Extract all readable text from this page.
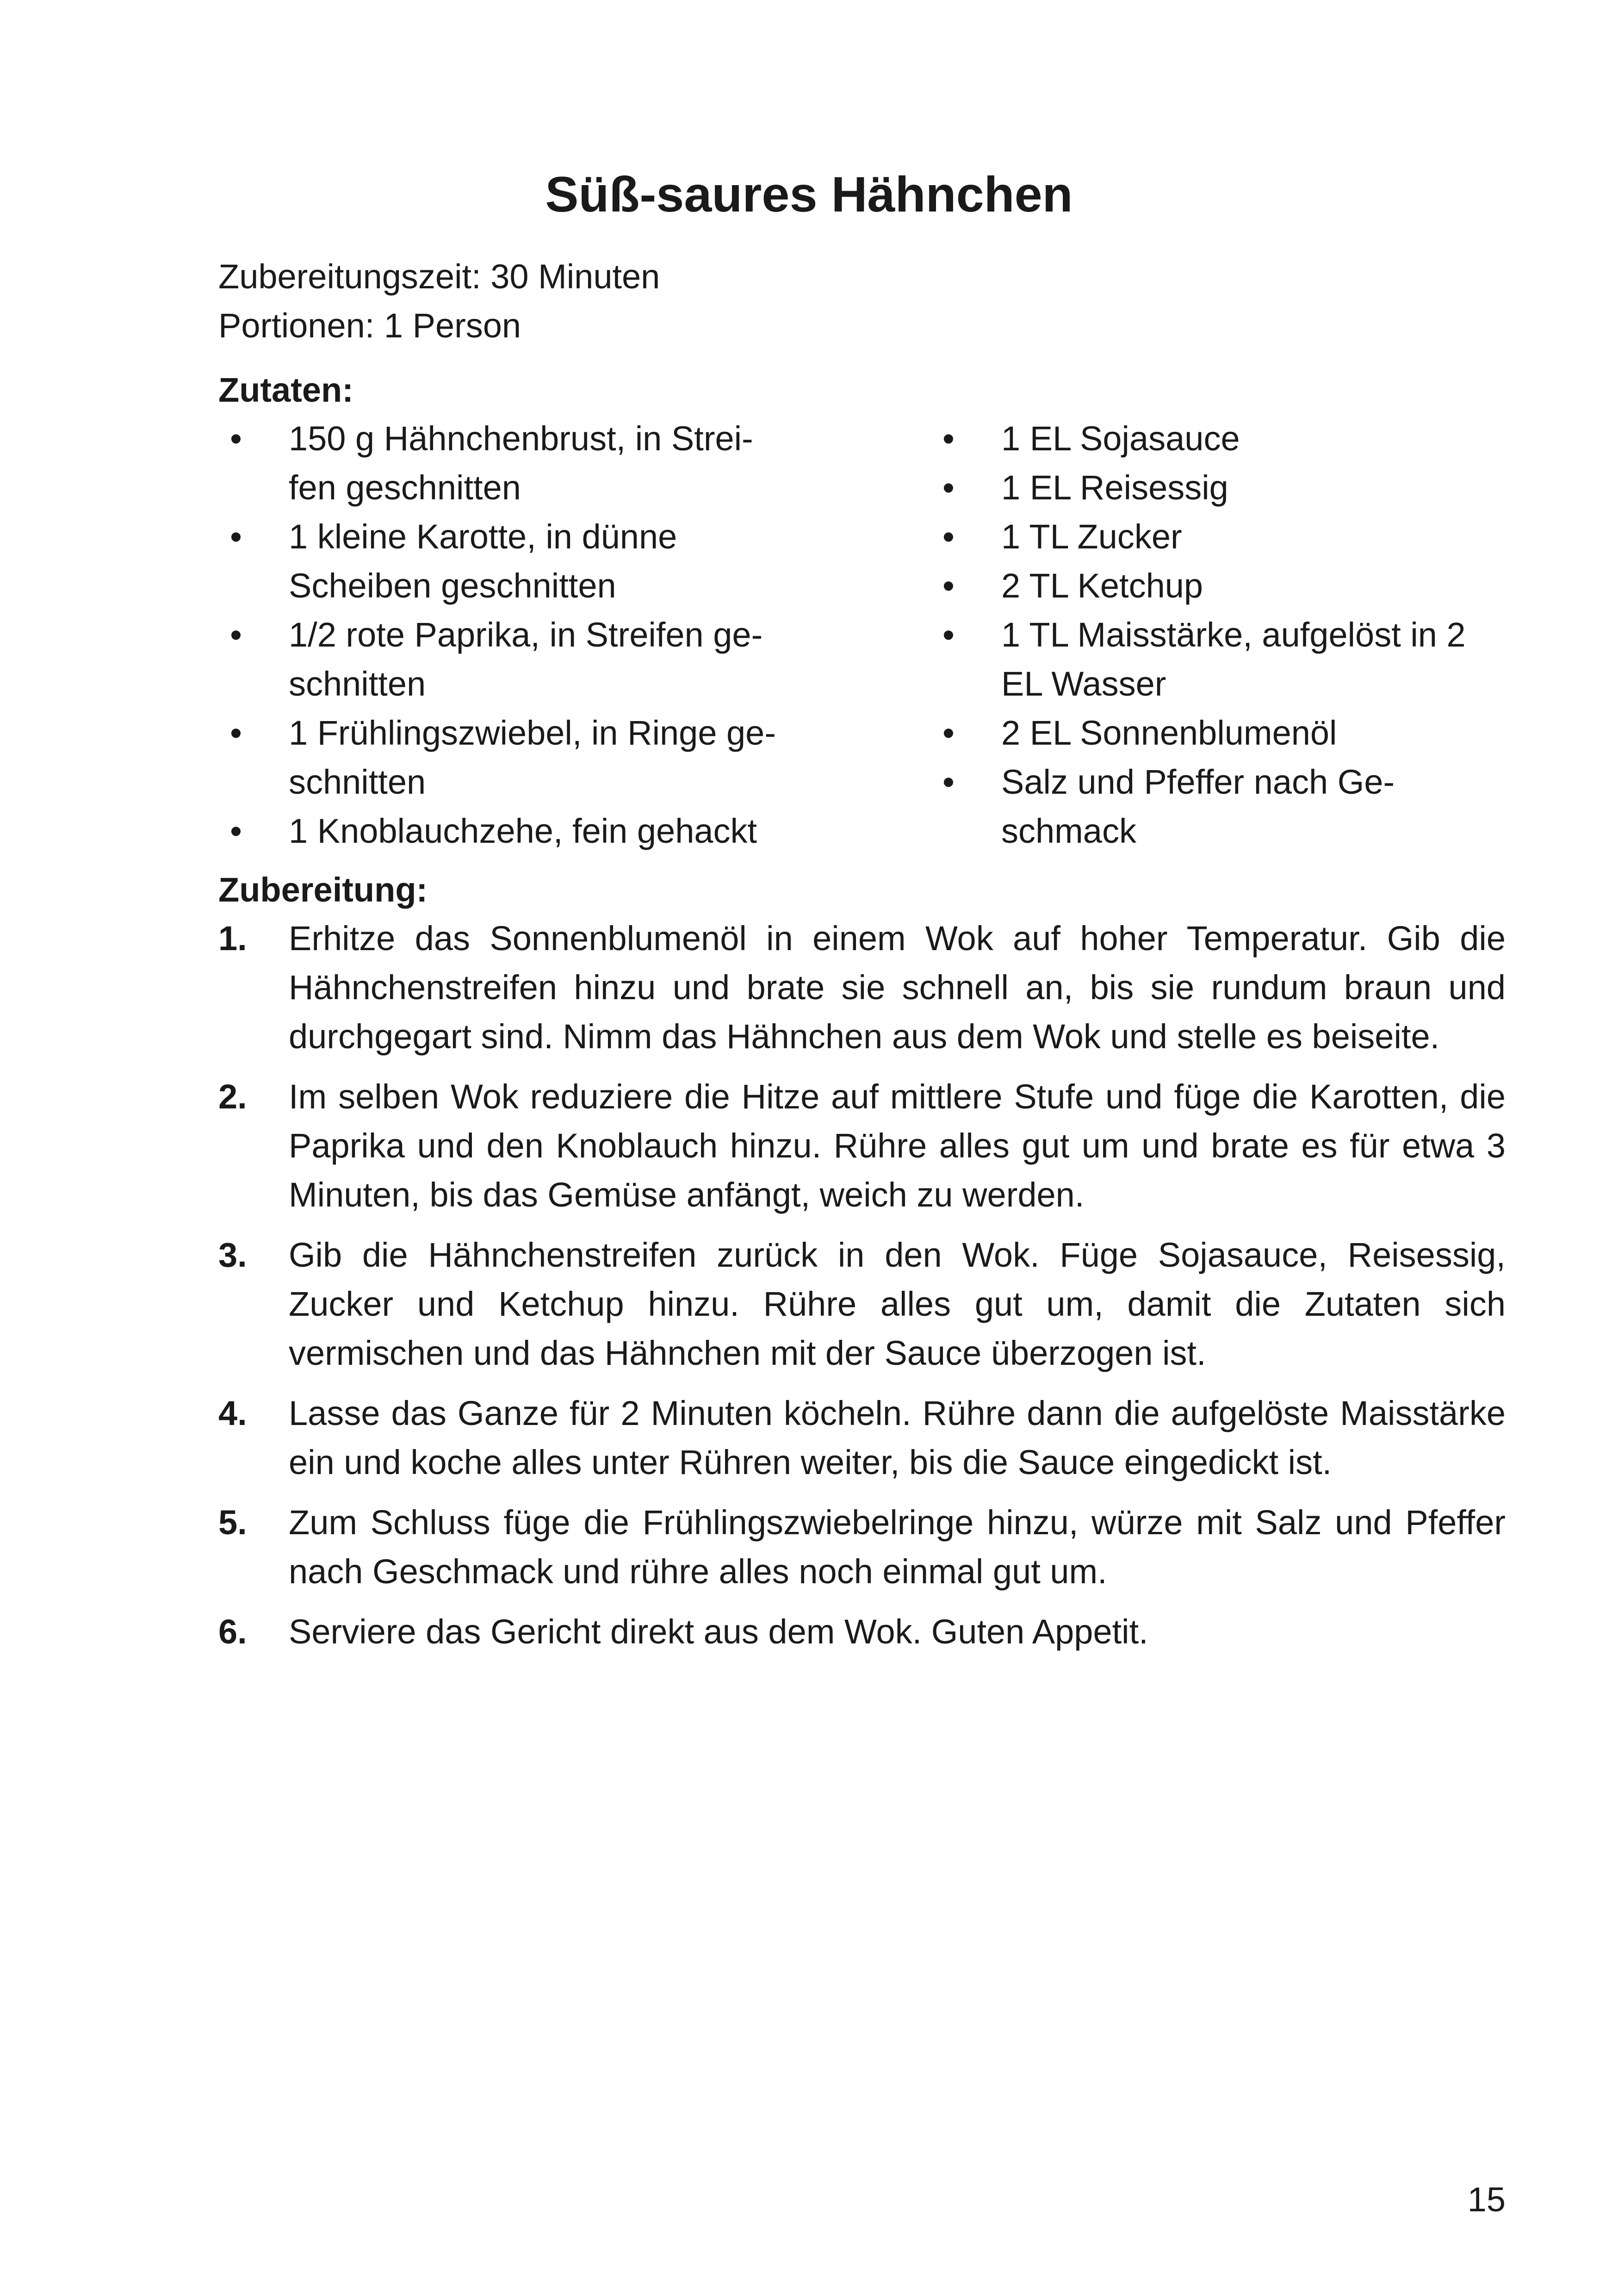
Süß-saures Hähnchen
Zubereitungszeit: 30 Minuten
Portionen: 1 Person
Zutaten:
• 150 g Hähnchenbrust, in Strei-
fen geschnitten
• 1 kleine Karotte, in dünne
Scheiben geschnitten
• 1/2 rote Paprika, in Streifen ge-
schnitten
• 1 Frühlingszwiebel, in Ringe ge-
schnitten
• 1 Knoblauchzehe, fein gehackt
• 1 EL Sojasauce
• 1 EL Reisessig
• 1 TL Zucker
• 2 TL Ketchup
• 1 TL Maisstärke, aufgelöst in 2
EL Wasser
• 2 EL Sonnenblumenöl
• Salz und Pfeffer nach Ge-
schmack
Zubereitung:
1. Erhitze das Sonnenblumenöl in einem Wok auf hoher Temperatur. Gib die Hähnchenstreifen hinzu und brate sie schnell an, bis sie rundum braun und durchgegart sind. Nimm das Hähnchen aus dem Wok und stelle es beiseite.
2. Im selben Wok reduziere die Hitze auf mittlere Stufe und füge die Karotten, die Paprika und den Knoblauch hinzu. Rühre alles gut um und brate es für etwa 3 Minuten, bis das Gemüse anfängt, weich zu werden.
3. Gib die Hähnchenstreifen zurück in den Wok. Füge Sojasauce, Reisessig, Zucker und Ketchup hinzu. Rühre alles gut um, damit die Zutaten sich vermischen und das Hähnchen mit der Sauce überzogen ist.
4. Lasse das Ganze für 2 Minuten köcheln. Rühre dann die aufgelöste Maisstärke ein und koche alles unter Rühren weiter, bis die Sauce eingedickt ist.
5. Zum Schluss füge die Frühlingszwiebelringe hinzu, würze mit Salz und Pfeffer nach Geschmack und rühre alles noch einmal gut um.
6. Serviere das Gericht direkt aus dem Wok. Guten Appetit.
15
